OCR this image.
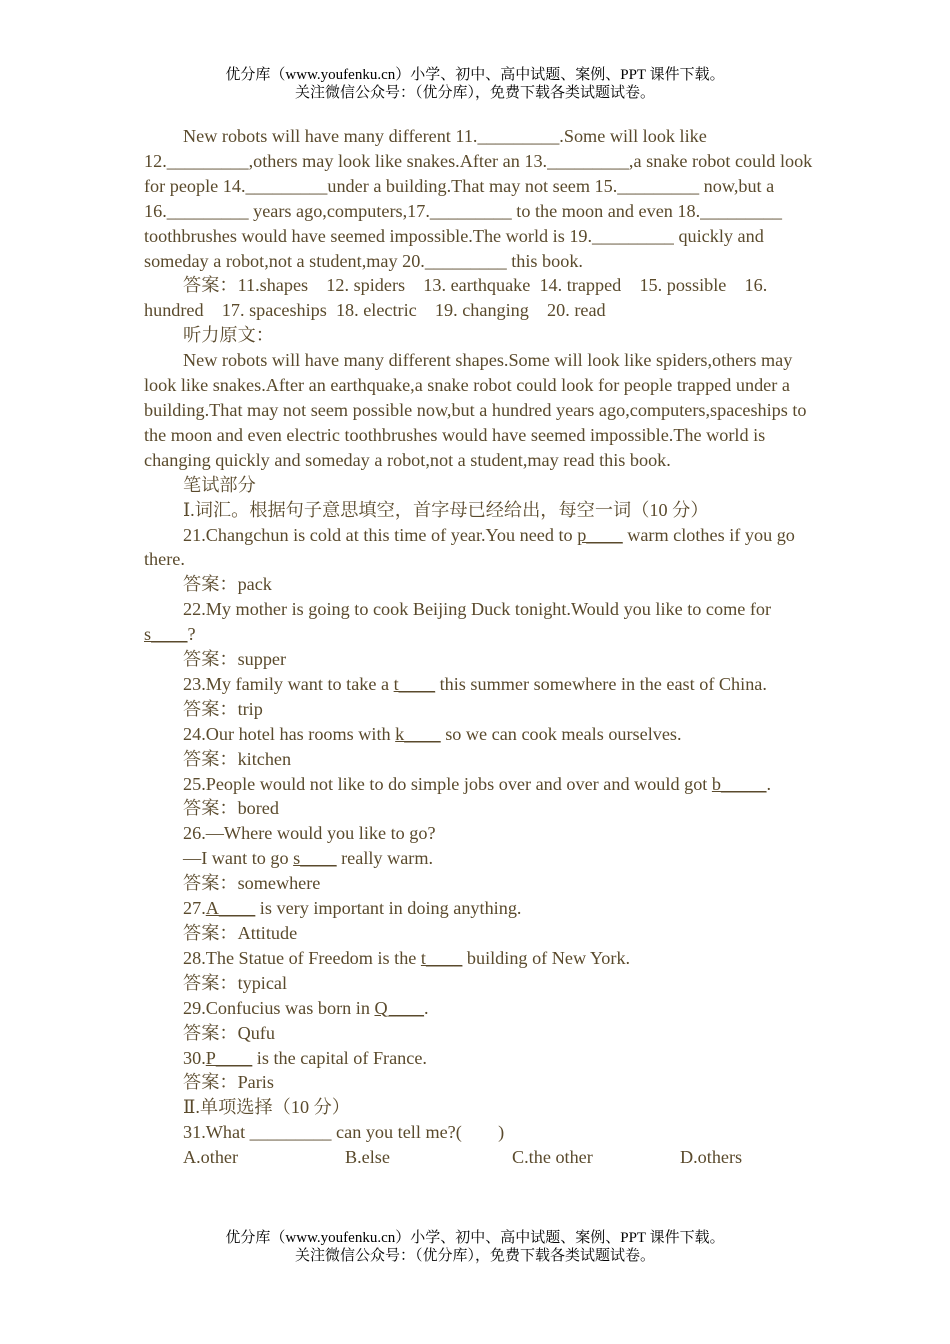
优分库（www.youfenku.cn）小学、初中、高中试题、案例、PPT 课件下载。
关注微信公众号：（优分库），免费下载各类试题试卷。

New robots will have many different 11._________.Some will look like 12._________,others may look like snakes.After an 13._________,a snake robot could look for people 14._________under a building.That may not seem 15._________ now,but a 16._________ years ago,computers,17._________ to the moon and even 18._________ toothbrushes would have seemed impossible.The world is 19._________ quickly and someday a robot,not a student,may 20._________ this book.

答案：11.shapes    12. spiders    13. earthquake  14. trapped    15. possible    16. hundred    17. spaceships  18. electric    19. changing    20. read

听力原文：

New robots will have many different shapes.Some will look like spiders,others may look like snakes.After an earthquake,a snake robot could look for people trapped under a building.That may not seem possible now,but a hundred years ago,computers,spaceships to the moon and even electric toothbrushes would have seemed impossible.The world is changing quickly and someday a robot,not a student,may read this book.

笔试部分

Ⅰ.词汇。根据句子意思填空，首字母已经给出，每空一词（10 分）

21.Changchun is cold at this time of year.You need to p____ warm clothes if you go there.

答案：pack

22.My mother is going to cook Beijing Duck tonight.Would you like to come for s____?

答案：supper

23.My family want to take a t____ this summer somewhere in the east of China.

答案：trip

24.Our hotel has rooms with k____ so we can cook meals ourselves.

答案：kitchen

25.People would not like to do simple jobs over and over and would got b_____.

答案：bored

26.—Where would you like to go?

—I want to go s____ really warm.

答案：somewhere

27.A____ is very important in doing anything.

答案：Attitude

28.The Statue of Freedom is the t____ building of New York.

答案：typical

29.Confucius was born in Q____.

答案：Qufu

30.P____ is the capital of France.

答案：Paris

Ⅱ.单项选择（10 分）

31.What _________ can you tell me?(        )

A.other	B.else	C.the other	D.others
优分库（www.youfenku.cn）小学、初中、高中试题、案例、PPT 课件下载。
关注微信公众号：（优分库），免费下载各类试题试卷。
